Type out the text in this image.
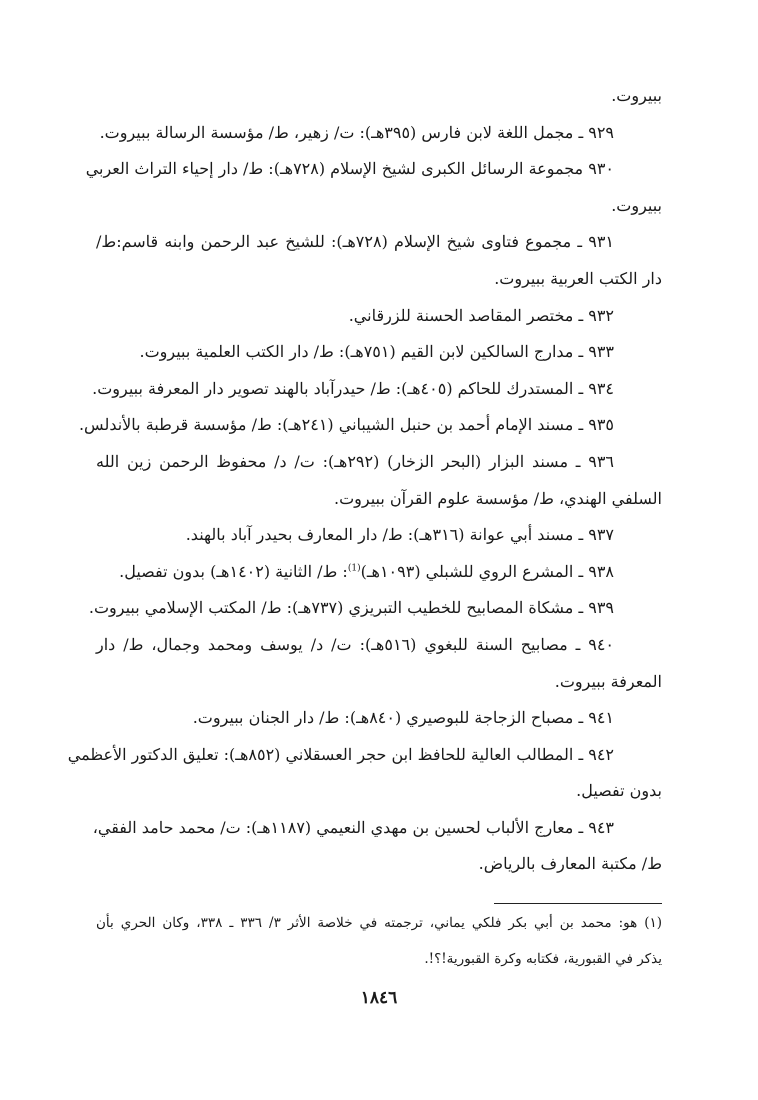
ببيروت.
٩٢٩ ـ مجمل اللغة لابن فارس (٣٩٥هـ): ت/ زهير، ط/ مؤسسة الرسالة ببيروت.
٩٣٠ مجموعة الرسائل الكبرى لشيخ الإسلام (٧٢٨هـ): ط/ دار إحياء التراث العربي
ببيروت.
٩٣١ ـ مجموع فتاوى شيخ الإسلام (٧٢٨هـ): للشيخ عبد الرحمن وابنه قاسم:ط/
دار الكتب العربية ببيروت.
٩٣٢ ـ مختصر المقاصد الحسنة للزرقاني.
٩٣٣ ـ مدارج السالكين لابن القيم (٧٥١هـ): ط/ دار الكتب العلمية ببيروت.
٩٣٤ ـ المستدرك للحاكم (٤٠٥هـ): ط/ حيدرآباد بالهند تصوير دار المعرفة ببيروت.
٩٣٥ ـ مسند الإمام أحمد بن حنبل الشيباني (٢٤١هـ): ط/ مؤسسة قرطبة بالأندلس.
٩٣٦ ـ مسند البزار (البحر الزخار) (٢٩٢هـ): ت/ د/ محفوظ الرحمن زين الله
السلفي الهندي، ط/ مؤسسة علوم القرآن ببيروت.
٩٣٧ ـ مسند أبي عوانة (٣١٦هـ): ط/ دار المعارف بحيدر آباد بالهند.
٩٣٨ ـ المشرع الروي للشبلي (١٠٩٣هـ)$^{(1)}$: ط/ الثانية (١٤٠٢هـ) بدون تفصيل.
٩٣٩ ـ مشكاة المصابيح للخطيب التبريزي (٧٣٧هـ): ط/ المكتب الإسلامي ببيروت.
٩٤٠ ـ مصابيح السنة للبغوي (٥١٦هـ): ت/ د/ يوسف ومحمد وجمال، ط/ دار
المعرفة ببيروت.
٩٤١ ـ مصباح الزجاجة للبوصيري (٨٤٠هـ): ط/ دار الجنان ببيروت.
٩٤٢ ـ المطالب العالية للحافظ ابن حجر العسقلاني (٨٥٢هـ): تعليق الدكتور الأعظمي
بدون تفصيل.
٩٤٣ ـ معارج الألباب لحسين بن مهدي النعيمي (١١٨٧هـ): ت/ محمد حامد الفقي،
ط/ مكتبة المعارف بالرياض.
(١) هو: محمد بن أبي بكر فلكي يماني، ترجمته في خلاصة الأثر ٣/ ٣٣٦ ـ ٣٣٨، وكان الحري بأن
يذكر في القبورية، فكتابه وكرة القبورية!؟!.
١٨٤٦
